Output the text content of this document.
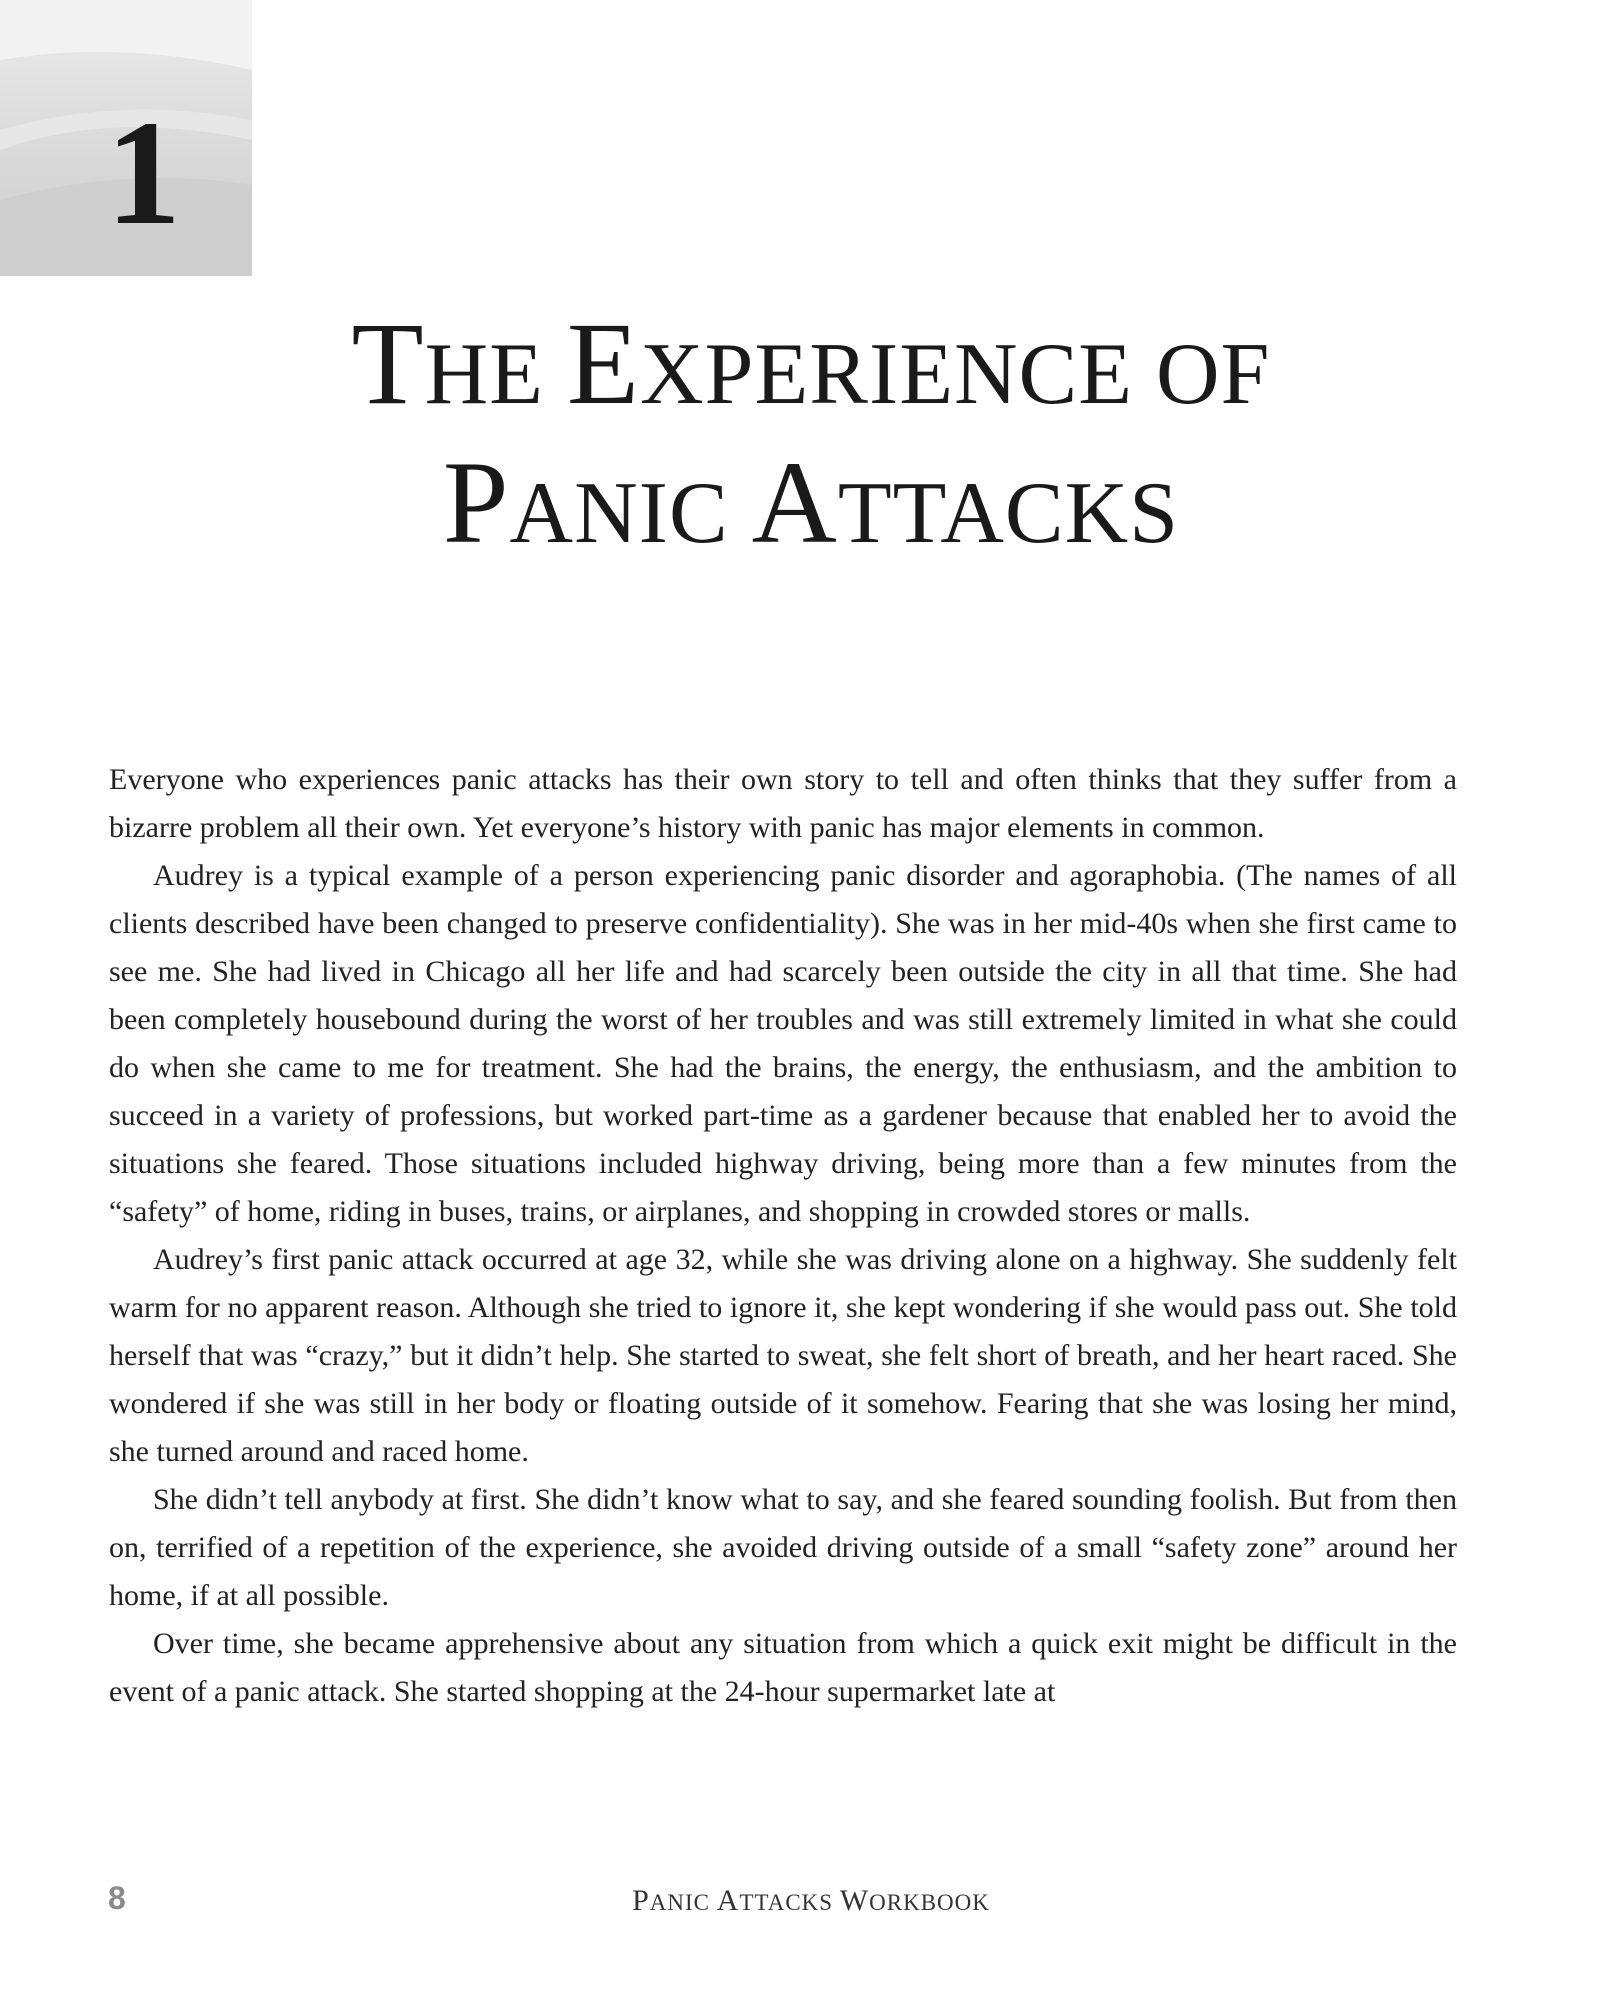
1
THE EXPERIENCE OF
PANIC ATTACKS

Everyone who experiences panic attacks has their own story to tell and often thinks that they suffer from a bizarre problem all their own. Yet everyone’s history with panic has major elements in common.

Audrey is a typical example of a person experiencing panic disorder and agoraphobia. (The names of all clients described have been changed to preserve confidentiality). She was in her mid-40s when she first came to see me. She had lived in Chicago all her life and had scarcely been outside the city in all that time. She had been completely housebound during the worst of her troubles and was still extremely limited in what she could do when she came to me for treatment. She had the brains, the energy, the enthusiasm, and the ambition to succeed in a variety of professions, but worked part-time as a gardener because that enabled her to avoid the situations she feared. Those situations included highway driving, being more than a few minutes from the “safety” of home, riding in buses, trains, or airplanes, and shopping in crowded stores or malls.

Audrey’s first panic attack occurred at age 32, while she was driving alone on a highway. She suddenly felt warm for no apparent reason. Although she tried to ignore it, she kept wondering if she would pass out. She told herself that was “crazy,” but it didn’t help. She started to sweat, she felt short of breath, and her heart raced. She wondered if she was still in her body or floating outside of it somehow. Fearing that she was losing her mind, she turned around and raced home.

She didn’t tell anybody at first. She didn’t know what to say, and she feared sounding foolish. But from then on, terrified of a repetition of the experience, she avoided driving outside of a small “safety zone” around her home, if at all possible.

Over time, she became apprehensive about any situation from which a quick exit might be difficult in the event of a panic attack. She started shopping at the 24-hour supermarket late at

8	PANIC ATTACKS WORKBOOK
